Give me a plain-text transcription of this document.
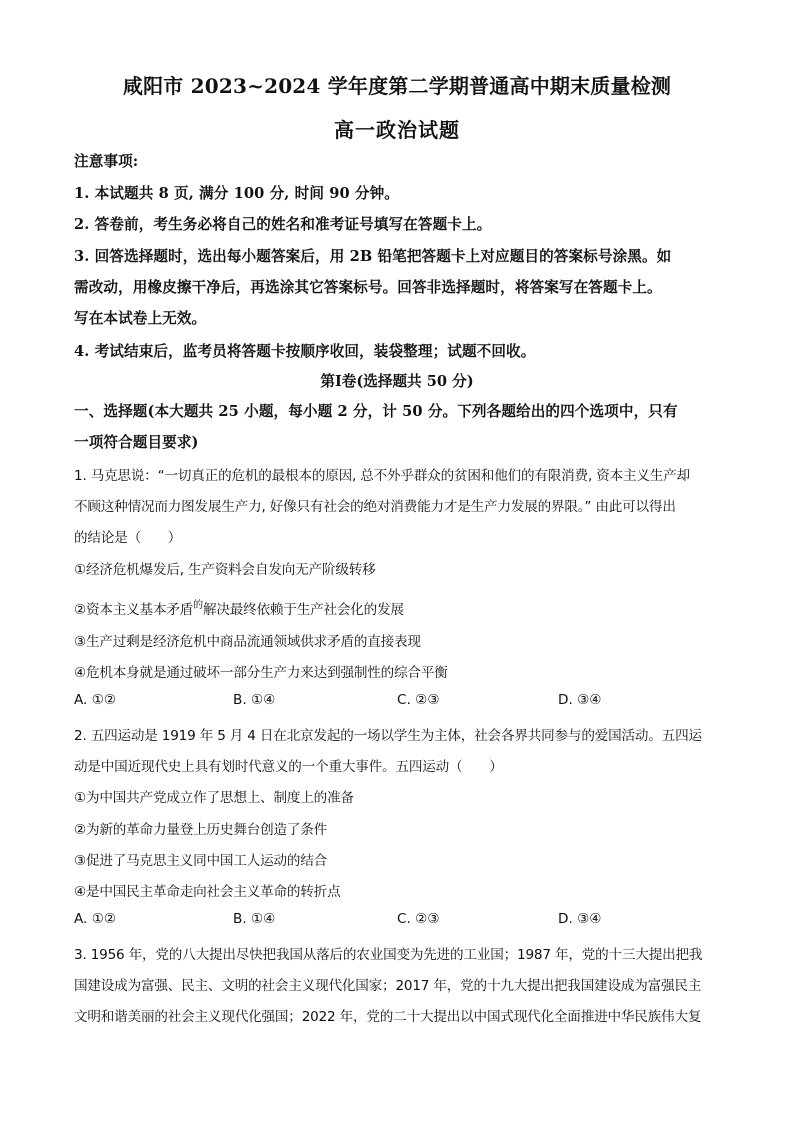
咸阳市 2023~2024 学年度第二学期普通高中期末质量检测
高一政治试题
注意事项:
1. 本试题共 8 页, 满分 100 分, 时间 90 分钟。
2. 答卷前，考生务必将自己的姓名和准考证号填写在答题卡上。
3. 回答选择题时，选出每小题答案后，用 2B 铅笔把答题卡上对应题目的答案标号涂黑。如
需改动，用橡皮擦干净后，再选涂其它答案标号。回答非选择题时，将答案写在答题卡上。
写在本试卷上无效。
4. 考试结束后，监考员将答题卡按顺序收回，装袋整理；试题不回收。
第Ⅰ卷(选择题共 50 分)
一、选择题(本大题共 25 小题，每小题 2 分，计 50 分。下列各题给出的四个选项中，只有
一项符合题目要求)
1. 马克思说：“一切真正的危机的最根本的原因, 总不外乎群众的贫困和他们的有限消费, 资本主义生产却
不顾这种情况而力图发展生产力, 好像只有社会的绝对消费能力才是生产力发展的界限。” 由此可以得出
的结论是（　　）
①经济危机爆发后, 生产资料会自发向无产阶级转移
②资本主义基本矛盾$^的$解决最终依赖于生产社会化的发展
③生产过剩是经济危机中商品流通领域供求矛盾的直接表现
④危机本身就是通过破坏一部分生产力来达到强制性的综合平衡
A. ①②	B. ①④	C. ②③	D. ③④
2. 五四运动是 1919 年 5 月 4 日在北京发起的一场以学生为主体，社会各界共同参与的爱国活动。五四运
动是中国近现代史上具有划时代意义的一个重大事件。五四运动（　　）
①为中国共产党成立作了思想上、制度上的准备
②为新的革命力量登上历史舞台创造了条件
③促进了马克思主义同中国工人运动的结合
④是中国民主革命走向社会主义革命的转折点
A. ①②	B. ①④	C. ②③	D. ③④
3. 1956 年，党的八大提出尽快把我国从落后的农业国变为先进的工业国；1987 年，党的十三大提出把我
国建设成为富强、民主、文明的社会主义现代化国家；2017 年，党的十九大提出把我国建设成为富强民主
文明和谐美丽的社会主义现代化强国；2022 年，党的二十大提出以中国式现代化全面推进中华民族伟大复
